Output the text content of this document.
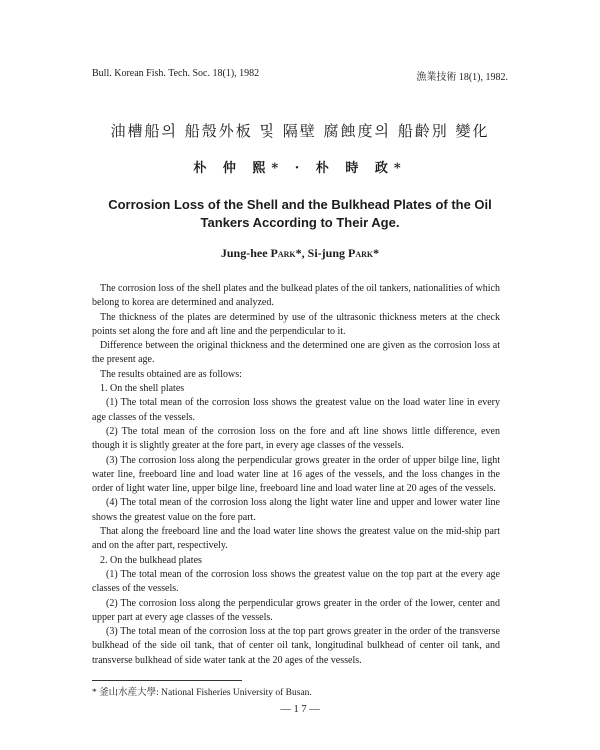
Bull. Korean Fish. Tech. Soc. 18(1), 1982	漁業技術 18(1), 1982.
油槽船의 船殼外板 및 隔壁 腐蝕度의 船齡別 變化
朴 仲 熙* · 朴 時 政*
Corrosion Loss of the Shell and the Bulkhead Plates of the Oil
Tankers According to Their Age.
Jung-hee Park*, Si-jung Park*

The corrosion loss of the shell plates and the bulkead plates of the oil tankers, nationalities of which belong to korea are determined and analyzed.

The thickness of the plates are determined by use of the ultrasonic thickness meters at the check points set along the fore and aft line and the perpendicular to it.

Difference between the original thickness and the determined one are given as the corrosion loss at the present age.

The results obtained are as follows:

1. On the shell plates

(1) The total mean of the corrosion loss shows the greatest value on the load water line in every age classes of the vessels.

(2) The total mean of the corrosion loss on the fore and aft line shows little difference, even though it is slightly greater at the fore part, in every age classes of the vessels.

(3) The corrosion loss along the perpendicular grows greater in the order of upper bilge line, light water line, freeboard line and load water line at 16 ages of the vessels, and the loss changes in the order of light water line, upper bilge line, freeboard line and load water line at 20 ages of the vessels.

(4) The total mean of the corrosion loss along the light water line and upper and lower water line shows the greatest value on the fore part.

That along the freeboard line and the load water line shows the greatest value on the mid-ship part and on the after part, respectively.

2. On the bulkhead plates

(1) The total mean of the corrosion loss shows the greatest value on the top part at the every age classes of the vessels.

(2) The corrosion loss along the perpendicular grows greater in the order of the lower, center and upper part at every age classes of the vessels.

(3) The total mean of the corrosion loss at the top part grows greater in the order of the transverse bulkhead of the side oil tank, that of center oil tank, longitudinal bulkhead of center oil tank, and transverse bulkhead of side water tank at the 20 ages of the vessels.

* 釜山水産大學: National Fisheries University of Busan.
— 1 7 —
